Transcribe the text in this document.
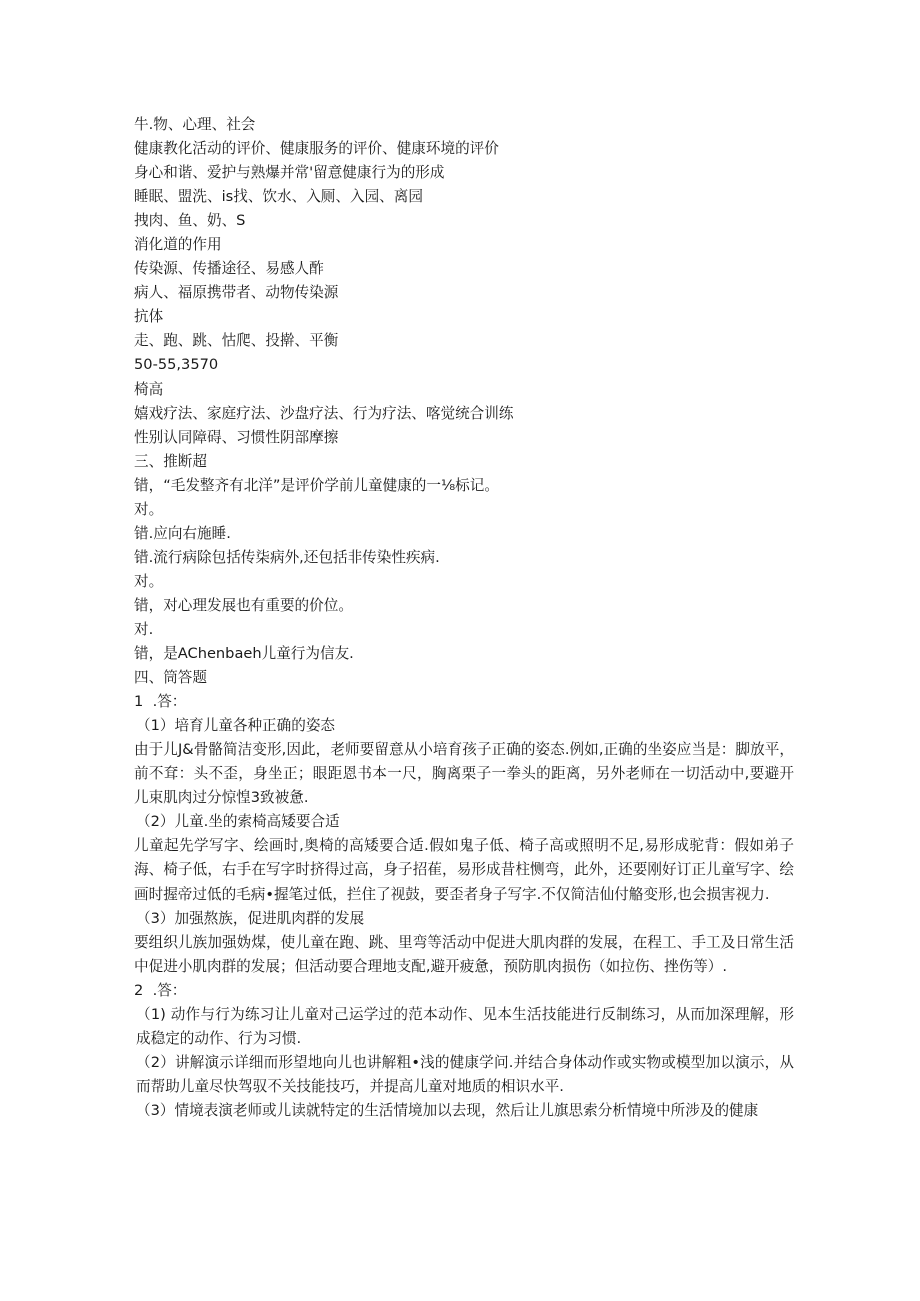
牛.物、心理、社会
健康教化活动的评价、健康服务的评价、健康环境的评价
身心和谐、爱护与熟爆并常'留意健康行为的形成
睡眠、盟洗、is找、饮水、入厕、入园、离园
拽肉、鱼、奶、S
消化道的作用
传染源、传播途径、易感人酢
病人、福原携带者、动物传染源
抗体
走、跑、跳、怙爬、投擀、平衡
50-55,3570
椅高
嬉戏疗法、家庭疗法、沙盘疗法、行为疗法、喀觉统合训练
性别认同障碍、习惯性阴部摩擦
三、推断超
错，“毛发整齐有北洋”是评价学前儿童健康的一⅛标记。
对。
错.应向右施睡.
错.流行病除包括传柒病外,还包括非传染性疾病.
对。
错，对心理发展也有重要的价位。
对.
错，是AChenbaeh儿童行为信友.
四、筒答题
1	.答：
（1）培育儿童各种正确的姿态
由于儿J&骨骼简洁变形,因此，老师要留意从小培育孩子正确的姿态.例如,正确的坐姿应当是：脚放平，前不耷：头不歪，身坐正；眼距恩书本一尺，胸离栗子一拳头的距离，另外老师在一切活动中,要避开儿束肌肉过分惊惶3致被惫.
（2）儿童.坐的索椅高矮要合适
儿童起先学写字、绘画时,奥椅的高矮要合适.假如鬼子低、椅子高或照明不足,易形成驼背：假如弟子海、椅子低，右手在写字时挤得过高，身子招萑，易形成昔柱恻弯，此外，还要刚好订正儿童写字、绘画时握帝过低的毛病•握笔过低，拦住了视鼓，要歪者身子写字.不仅简洁仙付觡变形,也会损害视力.
（3）加强熬族，促进肌肉群的发展
要组织儿族加强妫煤，使儿童在跑、跳、里弯等活动中促进大肌肉群的发展，在程工、手工及日常生活中促进小肌肉群的发展；但活动要合理地支配,避开疲惫，预防肌肉损伤（如拉伤、挫伤等）.
2	.答：
（1) 动作与行为练习让儿童对己运学过的范本动作、见本生活技能进行反制练习，从而加深理解，形成稳定的动作、行为习惯.
（2）讲解演示详细而形望地向儿也讲解粗•浅的健康学问.并结合身体动作或实物或模型加以演示，从而帮助儿童尽快驾驭不关技能技巧，并提高儿童对地质的相识水平.
（3）情境表演老师或儿读就特定的生活情境加以去现，然后让儿旗思索分析情境中所涉及的健康
